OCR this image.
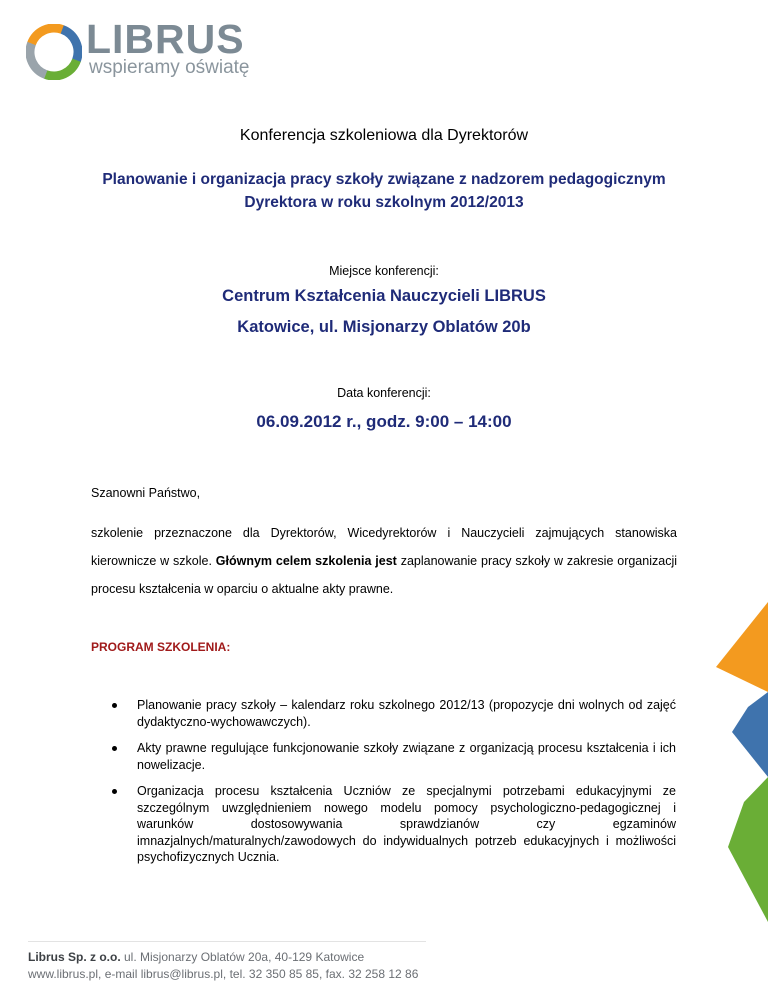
LIBRUS
wspieramy oświatę
Konferencja szkoleniowa dla Dyrektorów
Planowanie i organizacja pracy szkoły związane z nadzorem pedagogicznym
Dyrektora w roku szkolnym 2012/2013
Miejsce konferencji:
Centrum Kształcenia Nauczycieli LIBRUS
Katowice, ul. Misjonarzy Oblatów 20b
Data konferencji:
06.09.2012 r., godz. 9:00 – 14:00
Szanowni Państwo,
szkolenie przeznaczone dla Dyrektorów, Wicedyrektorów i Nauczycieli zajmujących stanowiska kierownicze w szkole. Głównym celem szkolenia jest zaplanowanie pracy szkoły w zakresie organizacji procesu kształcenia w oparciu o aktualne akty prawne.
PROGRAM SZKOLENIA:
Planowanie pracy szkoły – kalendarz roku szkolnego 2012/13 (propozycje dni wolnych od zajęć dydaktyczno-wychowawczych).
Akty prawne regulujące funkcjonowanie szkoły związane z organizacją procesu kształcenia i ich nowelizacje.
Organizacja procesu kształcenia Uczniów ze specjalnymi potrzebami edukacyjnymi ze szczególnym uwzględnieniem nowego modelu pomocy psychologiczno-pedagogicznej i warunków dostosowywania sprawdzianów czy egzaminów imnazjalnych/maturalnych/zawodowych do indywidualnych potrzeb edukacyjnych i możliwości psychofizycznych Ucznia.
Librus Sp. z o.o. ul. Misjonarzy Oblatów 20a, 40-129 Katowice
www.librus.pl, e-mail librus@librus.pl, tel. 32 350 85 85, fax. 32 258 12 86
